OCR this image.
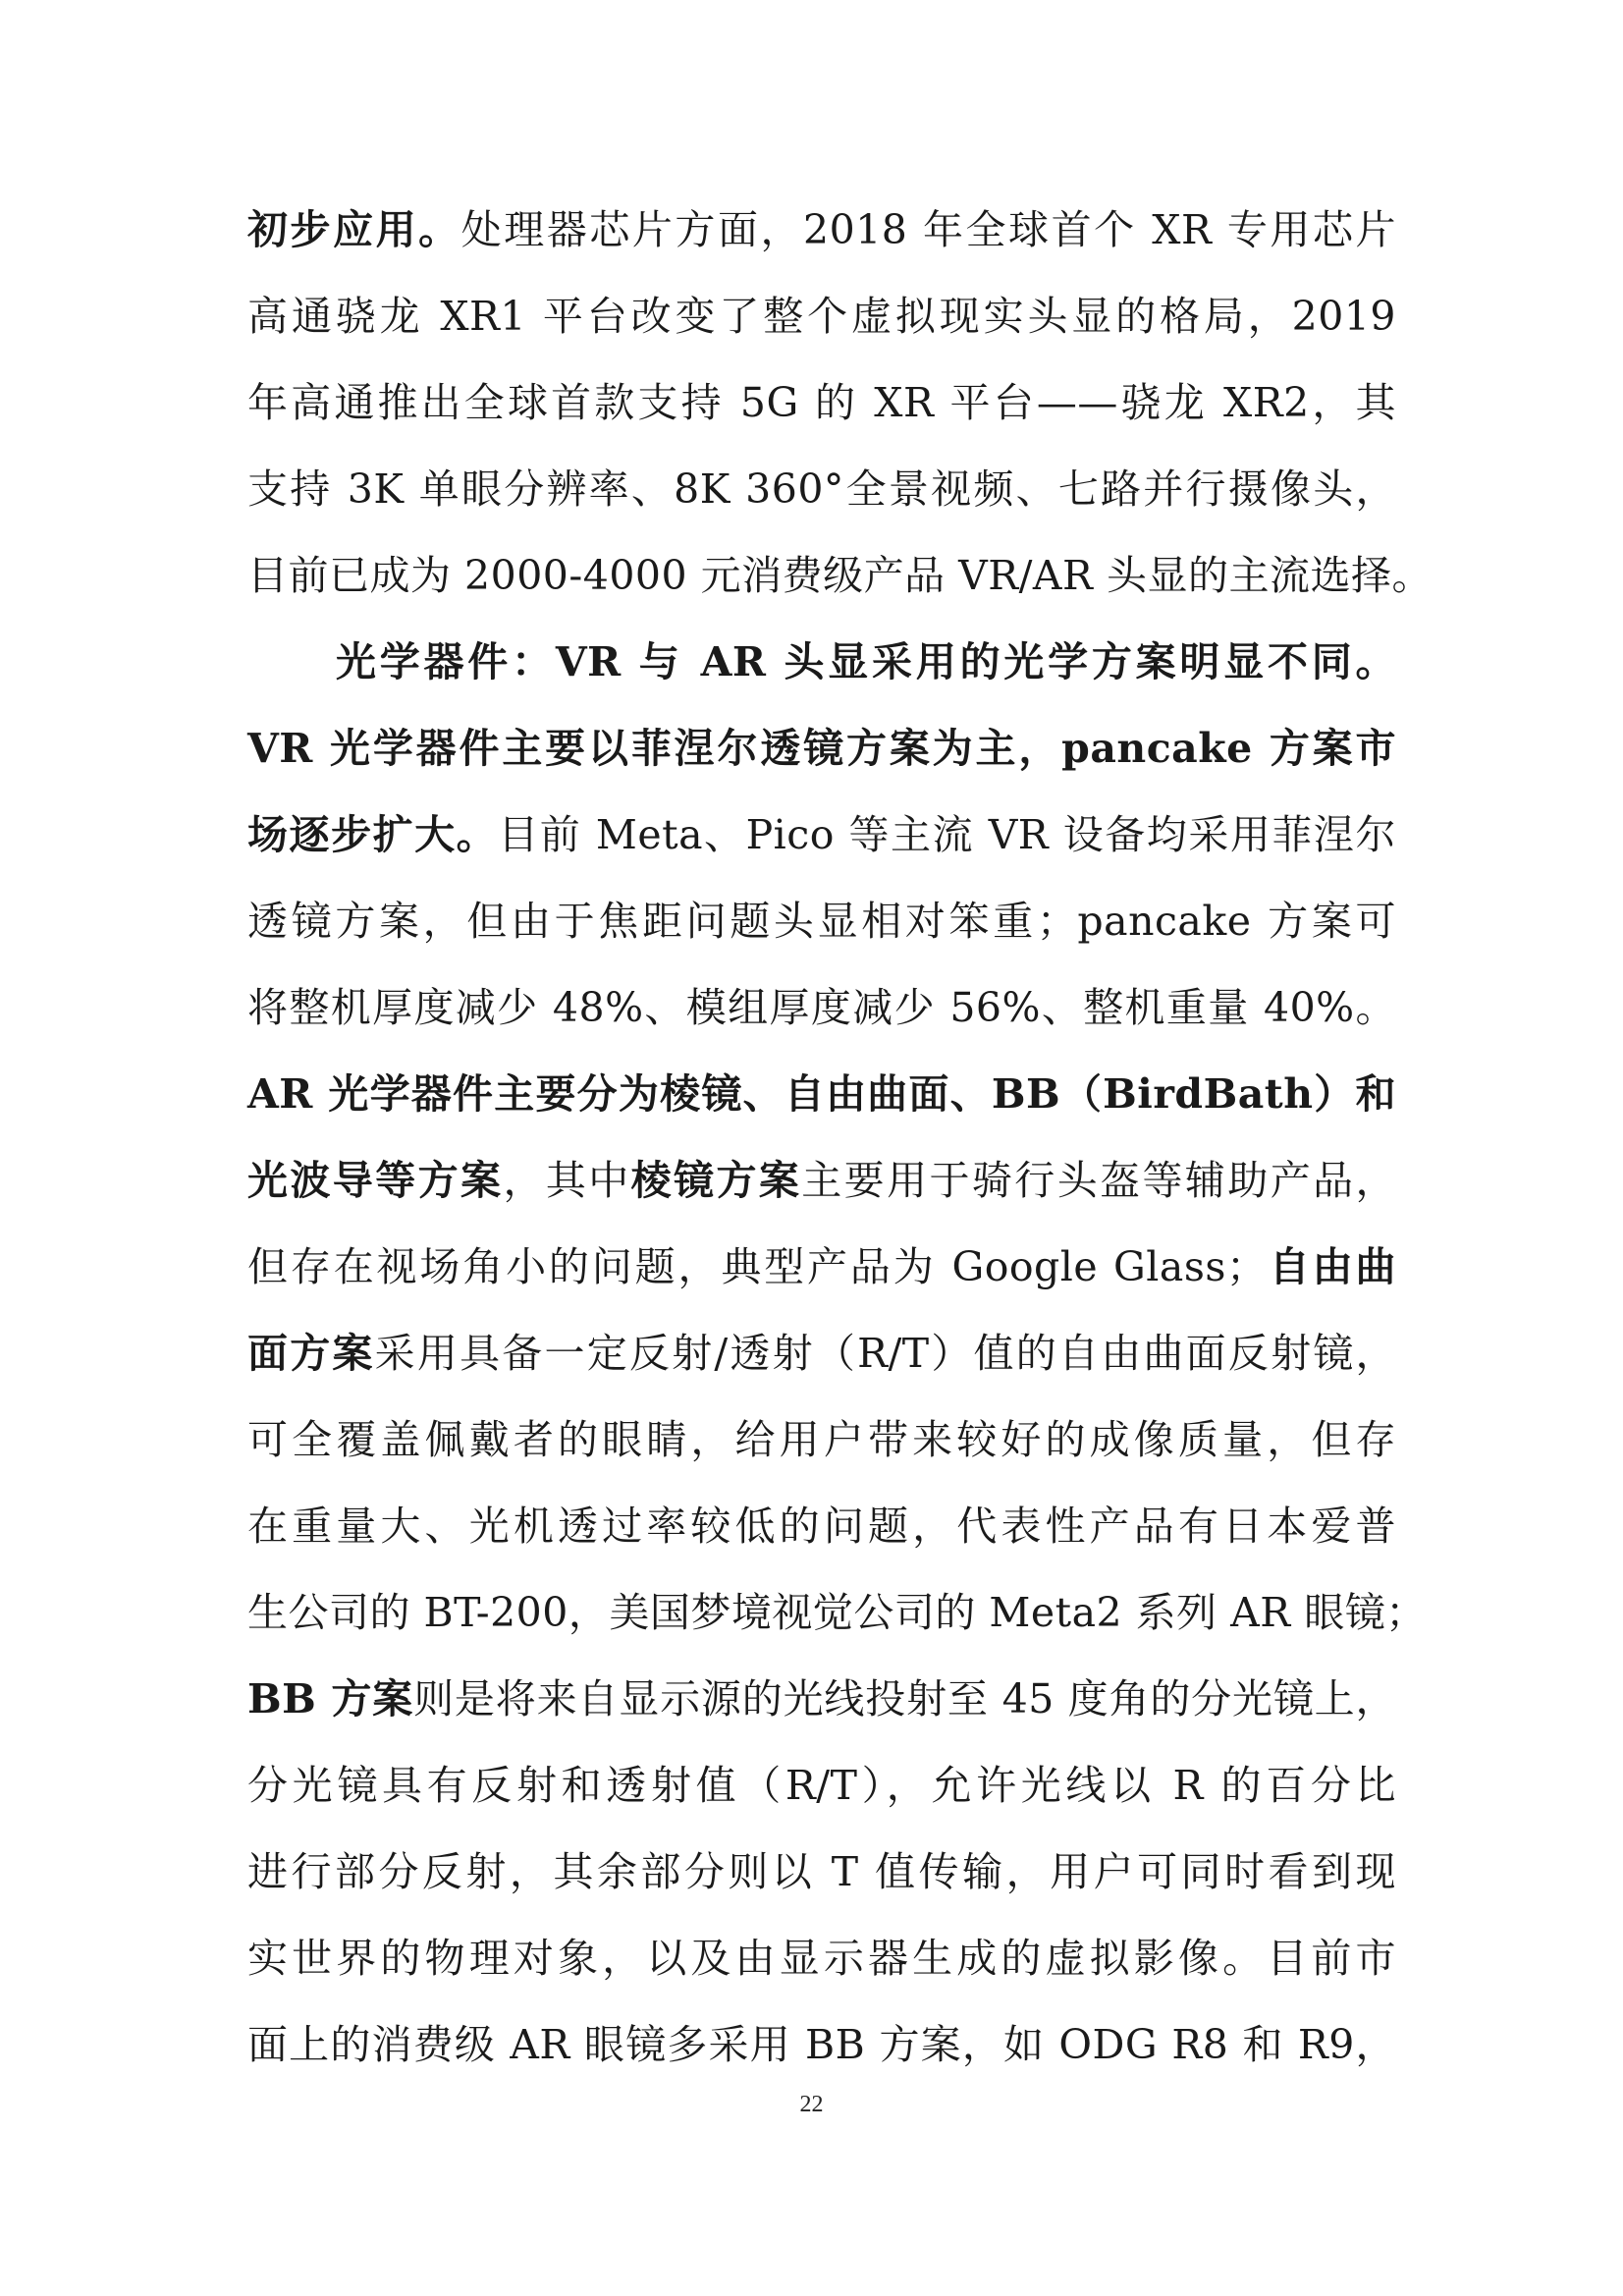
初步应用。处理器芯片方面，2018 年全球首个 XR 专用芯片
高通骁龙 XR1 平台改变了整个虚拟现实头显的格局，2019
年高通推出全球首款支持 5G 的 XR 平台——骁龙 XR2，其
支持 3K 单眼分辨率、8K 360°全景视频、七路并行摄像头，
目前已成为 2000-4000 元消费级产品 VR/AR 头显的主流选择。
光学器件：VR 与 AR 头显采用的光学方案明显不同。
VR 光学器件主要以菲涅尔透镜方案为主，pancake 方案市
场逐步扩大。目前 Meta、Pico 等主流 VR 设备均采用菲涅尔
透镜方案，但由于焦距问题头显相对笨重；pancake 方案可
将整机厚度减少 48%、模组厚度减少 56%、整机重量 40%。
AR 光学器件主要分为棱镜、自由曲面、BB（BirdBath）和
光波导等方案，其中棱镜方案主要用于骑行头盔等辅助产品，
但存在视场角小的问题，典型产品为 Google Glass；自由曲
面方案采用具备一定反射/透射（R/T）值的自由曲面反射镜，
可全覆盖佩戴者的眼睛，给用户带来较好的成像质量，但存
在重量大、光机透过率较低的问题，代表性产品有日本爱普
生公司的 BT-200，美国梦境视觉公司的 Meta2 系列 AR 眼镜；
BB 方案则是将来自显示源的光线投射至 45 度角的分光镜上，
分光镜具有反射和透射值（R/T），允许光线以 R 的百分比
进行部分反射，其余部分则以 T 值传输，用户可同时看到现
实世界的物理对象，以及由显示器生成的虚拟影像。目前市
面上的消费级 AR 眼镜多采用 BB 方案，如 ODG R8 和 R9，
22
